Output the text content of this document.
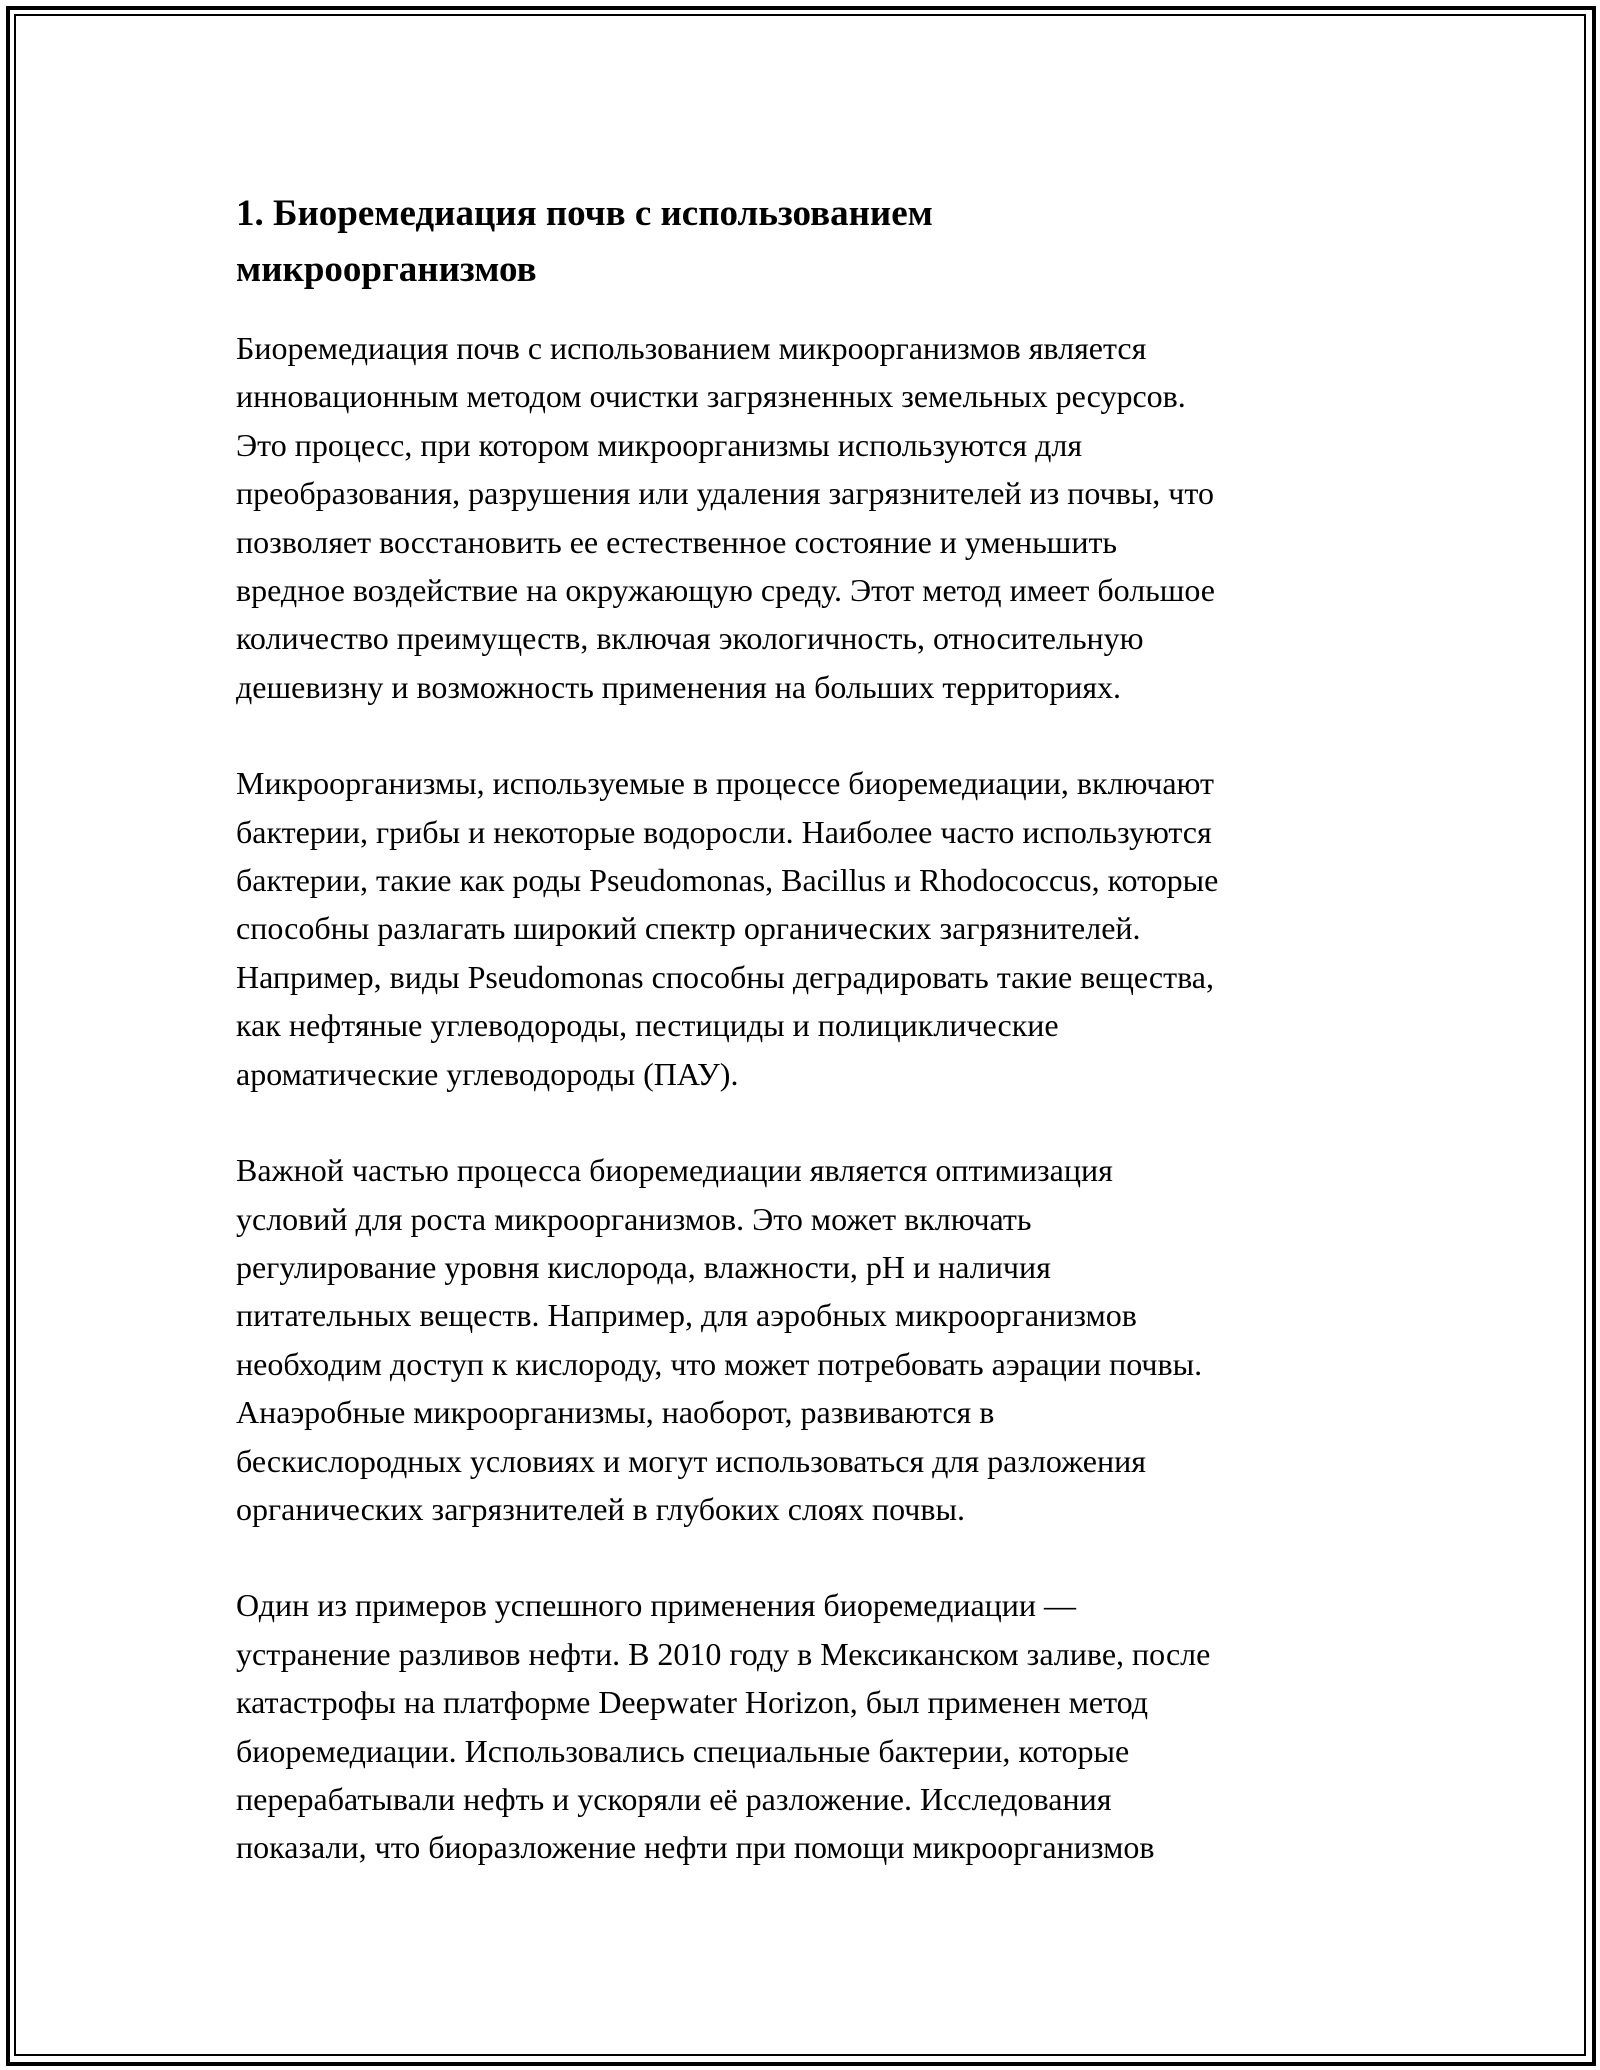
1. Биоремедиация почв с использованием
микроорганизмов

Биоремедиация почв с использованием микроорганизмов является
инновационным методом очистки загрязненных земельных ресурсов.
Это процесс, при котором микроорганизмы используются для
преобразования, разрушения или удаления загрязнителей из почвы, что
позволяет восстановить ее естественное состояние и уменьшить
вредное воздействие на окружающую среду. Этот метод имеет большое
количество преимуществ, включая экологичность, относительную
дешевизну и возможность применения на больших территориях.

Микроорганизмы, используемые в процессе биоремедиации, включают
бактерии, грибы и некоторые водоросли. Наиболее часто используются
бактерии, такие как роды Pseudomonas, Bacillus и Rhodococcus, которые
способны разлагать широкий спектр органических загрязнителей.
Например, виды Pseudomonas способны деградировать такие вещества,
как нефтяные углеводороды, пестициды и полициклические
ароматические углеводороды (ПАУ).

Важной частью процесса биоремедиации является оптимизация
условий для роста микроорганизмов. Это может включать
регулирование уровня кислорода, влажности, pH и наличия
питательных веществ. Например, для аэробных микроорганизмов
необходим доступ к кислороду, что может потребовать аэрации почвы.
Анаэробные микроорганизмы, наоборот, развиваются в
бескислородных условиях и могут использоваться для разложения
органических загрязнителей в глубоких слоях почвы.

Один из примеров успешного применения биоремедиации —
устранение разливов нефти. В 2010 году в Мексиканском заливе, после
катастрофы на платформе Deepwater Horizon, был применен метод
биоремедиации. Использовались специальные бактерии, которые
перерабатывали нефть и ускоряли её разложение. Исследования
показали, что биоразложение нефти при помощи микроорганизмов
